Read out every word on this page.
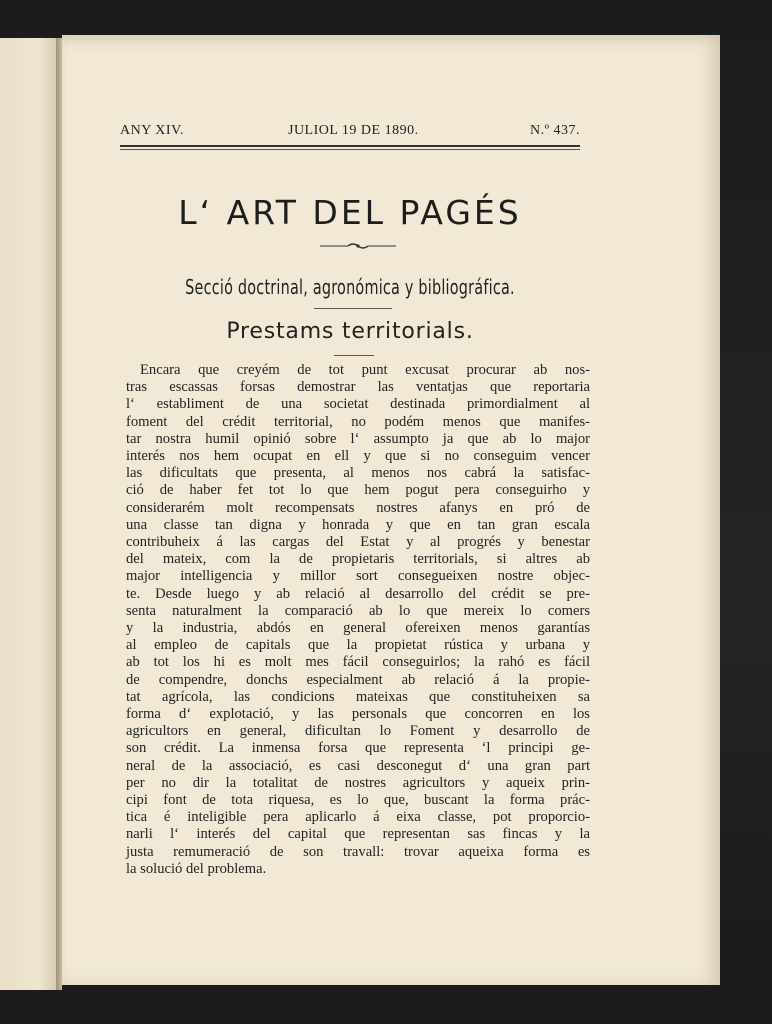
ANY XIV.	JULIOL 19 DE 1890.	N.º 437.
L‘ ART DEL PAGÉS
Secció doctrinal, agronómica y bibliográfica.
Prestams territorials.
Encara que creyém de tot punt excusat procurar ab nos-
tras escassas forsas demostrar las ventatjas que reportaria
l‘ establiment de una societat destinada primordialment al
foment del crédit territorial, no podém menos que manifes-
tar nostra humil opinió sobre l‘ assumpto ja que ab lo major
interés nos hem ocupat en ell y que si no conseguim vencer
las dificultats que presenta, al menos nos cabrá la satisfac-
ció de haber fet tot lo que hem pogut pera conseguirho y
considerarém molt recompensats nostres afanys en pró de
una classe tan digna y honrada y que en tan gran escala
contribuheix á las cargas del Estat y al progrés y benestar
del mateix, com la de propietaris territorials, si altres ab
major intelligencia y millor sort consegueixen nostre objec-
te. Desde luego y ab relació al desarrollo del crédit se pre-
senta naturalment la comparació ab lo que mereix lo comers
y la industria, abdós en general ofereixen menos garantías
al empleo de capitals que la propietat rústica y urbana y
ab tot los hi es molt mes fácil conseguirlos; la rahó es fácil
de compendre, donchs especialment ab relació á la propie-
tat agrícola, las condicions mateixas que constituheixen sa
forma d‘ explotació, y las personals que concorren en los
agricultors en general, dificultan lo Foment y desarrollo de
son crédit. La inmensa forsa que representa ‘l principi ge-
neral de la associació, es casi desconegut d‘ una gran part
per no dir la totalitat de nostres agricultors y aqueix prin-
cipi font de tota riquesa, es lo que, buscant la forma prác-
tica é inteligible pera aplicarlo á eixa classe, pot proporcio-
narli l‘ interés del capital que representan sas fincas y la
justa remumeració de son travall: trovar aqueixa forma es
la solució del problema.
